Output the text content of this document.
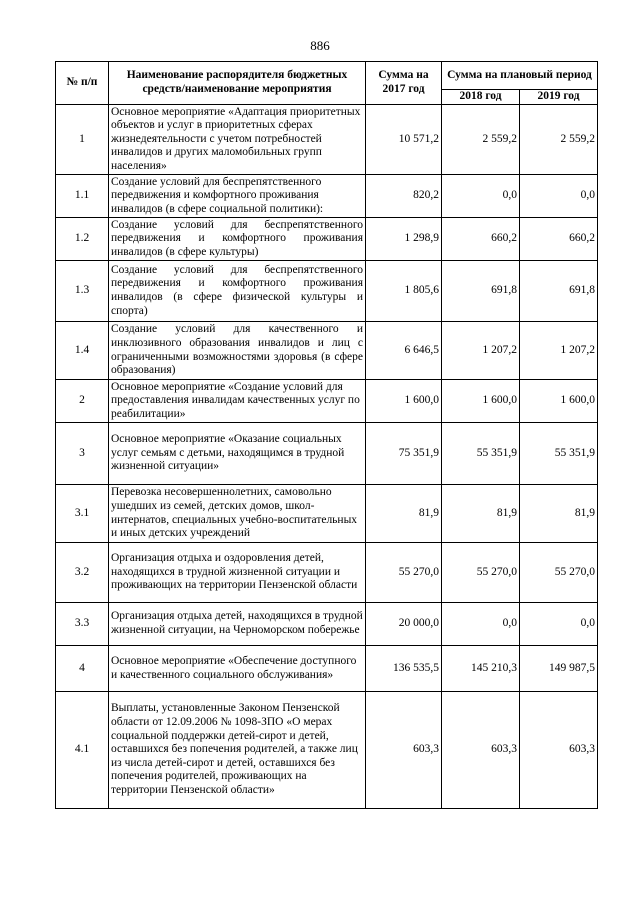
886
№ п/п	Наименование распорядителя бюджетных средств/наименование мероприятия	Сумма на 2017 год	Сумма на плановый период	
			2018 год	2019 год
1	Основное мероприятие «Адаптация приоритетных объектов и услуг в приоритетных сферах жизнедеятельности с учетом потребностей инвалидов и других маломобильных групп населения»	10 571,2	2 559,2	2 559,2
1.1	Создание условий для беспрепятственного передвижения и комфортного проживания инвалидов (в сфере социальной политики):	820,2	0,0	0,0
1.2	Создание условий для беспрепятственного передвижения и комфортного проживания инвалидов (в сфере культуры)	1 298,9	660,2	660,2
1.3	Создание условий для беспрепятственного передвижения и комфортного проживания инвалидов (в сфере физической культуры и спорта)	1 805,6	691,8	691,8
1.4	Создание условий для качественного и инклюзивного образования инвалидов и лиц с ограниченными возможностями здоровья (в сфере образования)	6 646,5	1 207,2	1 207,2
2	Основное мероприятие «Создание условий для предоставления инвалидам качественных услуг по реабилитации»	1 600,0	1 600,0	1 600,0
3	Основное мероприятие «Оказание социальных услуг семьям с детьми, находящимся в трудной жизненной ситуации»	75 351,9	55 351,9	55 351,9
3.1	Перевозка несовершеннолетних, самовольно ушедших из семей, детских домов, школ-интернатов, специальных учебно-воспитательных и иных детских учреждений	81,9	81,9	81,9
3.2	Организация отдыха и оздоровления детей, находящихся в трудной жизненной ситуации и проживающих на территории Пензенской области	55 270,0	55 270,0	55 270,0
3.3	Организация отдыха детей, находящихся в трудной жизненной ситуации, на Черноморском побережье	20 000,0	0,0	0,0
4	Основное мероприятие «Обеспечение доступного и качественного социального обслуживания»	136 535,5	145 210,3	149 987,5
4.1	Выплаты, установленные Законом Пензенской области от 12.09.2006 № 1098-ЗПО «О мерах социальной поддержки детей-сирот и детей, оставшихся без попечения родителей, а также лиц из числа детей-сирот и детей, оставшихся без попечения родителей, проживающих на территории Пензенской области»	603,3	603,3	603,3
